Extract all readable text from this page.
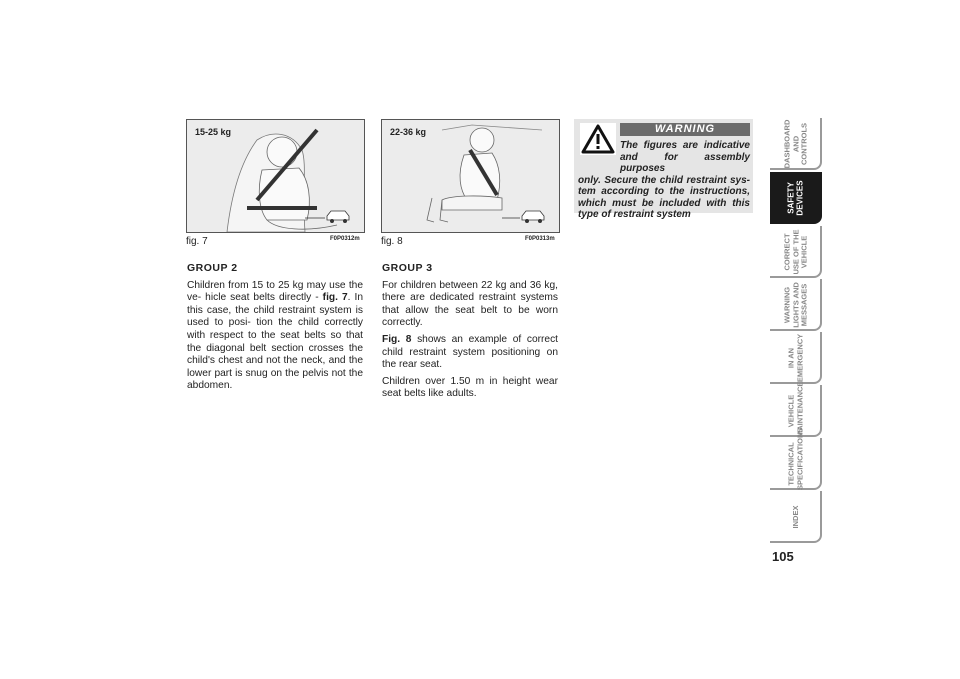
15-25 kg
fig. 7	F0P0312m
22-36 kg
fig. 8	F0P0313m
GROUP 2

Children from 15 to 25 kg may use the ve- hicle seat belts directly - fig. 7. In this case, the child restraint system is used to posi- tion the child correctly with respect to the seat belts so that the diagonal belt section crosses the child's chest and not the neck, and the lower part is snug on the pelvis not the abdomen.

GROUP 3

For children between 22 kg and 36 kg, there are dedicated restraint systems that allow the seat belt to be worn correctly.

Fig. 8 shows an example of correct child restraint system positioning on the rear seat.

Children over 1.50 m in height wear seat belts like adults.

WARNING
The figures are indicative and for assembly purposes
only. Secure the child restraint sys- tem according to the instructions, which must be included with this type of restraint system
DASHBOARD AND CONTROLS
SAFETY DEVICES
CORRECT USE OF THE VEHICLE
WARNING LIGHTS AND MESSAGES
IN AN EMERGENCY
VEHICLE MAINTENANCE
TECHNICAL SPECIFICATIONS
INDEX
105
